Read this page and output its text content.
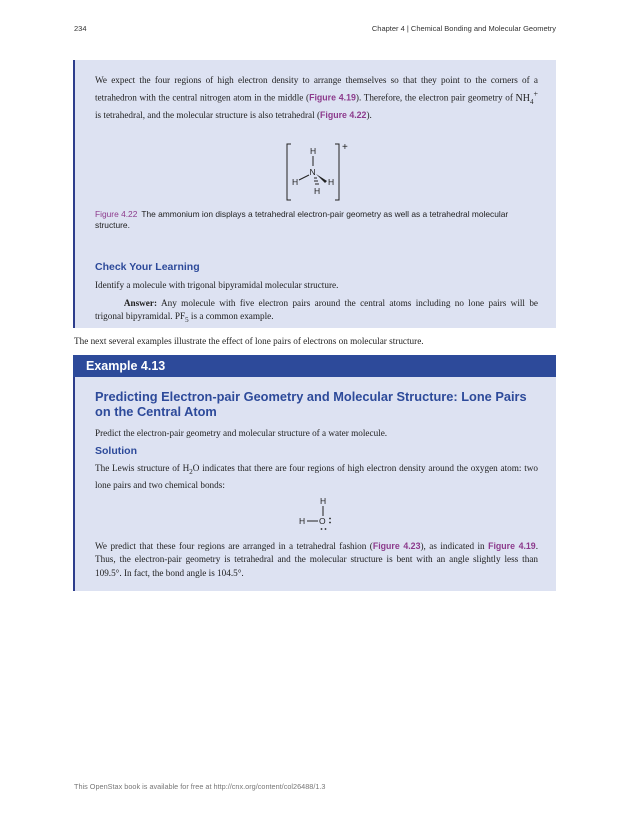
234	Chapter 4 | Chemical Bonding and Molecular Geometry
We expect the four regions of high electron density to arrange themselves so that they point to the corners of a tetrahedron with the central nitrogen atom in the middle (Figure 4.19). Therefore, the electron pair geometry of $NH_4^+$ is tetrahedral, and the molecular structure is also tetrahedral (Figure 4.22).
+
H
N
H	H
H
Figure 4.22 The ammonium ion displays a tetrahedral electron-pair geometry as well as a tetrahedral molecular structure.
Check Your Learning
Identify a molecule with trigonal bipyramidal molecular structure.
Answer: Any molecule with five electron pairs around the central atoms including no lone pairs will be trigonal bipyramidal. $PF_5$ is a common example.
The next several examples illustrate the effect of lone pairs of electrons on molecular structure.
Example 4.13
Predicting Electron-pair Geometry and Molecular Structure: Lone Pairs on the Central Atom
Predict the electron-pair geometry and molecular structure of a water molecule.
Solution
The Lewis structure of $H_2O$ indicates that there are four regions of high electron density around the oxygen atom: two lone pairs and two chemical bonds:
H
H O
We predict that these four regions are arranged in a tetrahedral fashion (Figure 4.23), as indicated in Figure 4.19. Thus, the electron-pair geometry is tetrahedral and the molecular structure is bent with an angle slightly less than 109.5°. In fact, the bond angle is 104.5°.
This OpenStax book is available for free at http://cnx.org/content/col26488/1.3
